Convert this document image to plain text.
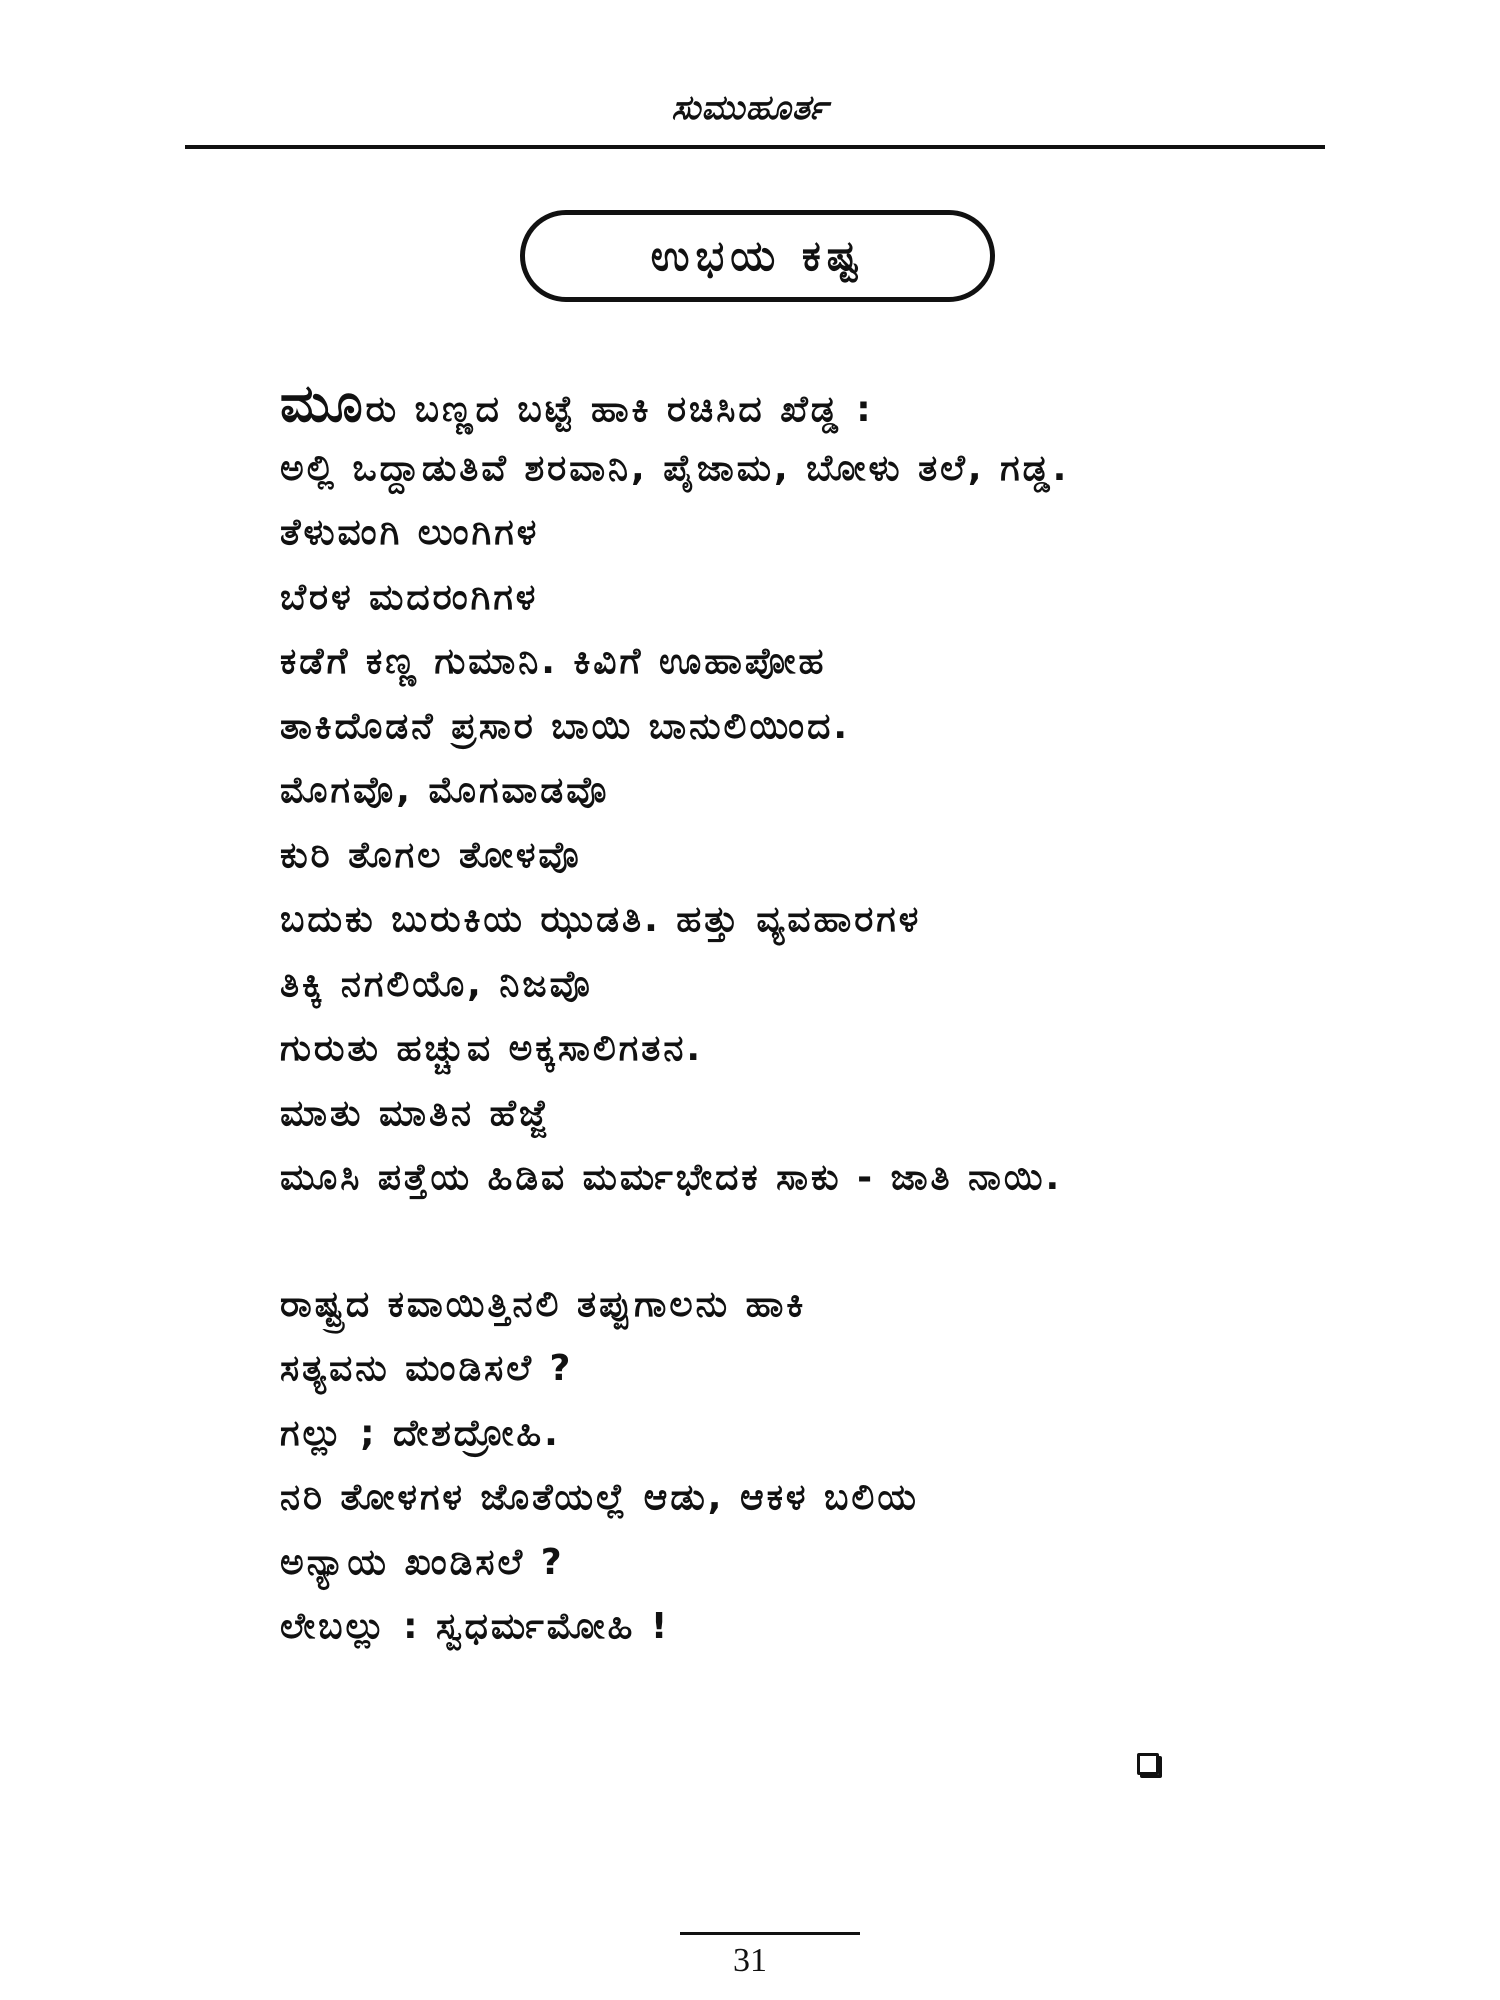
ಸುಮುಹೂರ್ತ
ಉಭಯ ಕಷ್ಟ
ಮೂರು ಬಣ್ಣದ ಬಟ್ಟೆ ಹಾಕಿ ರಚಿಸಿದ ಖೆಡ್ಡ :
ಅಲ್ಲಿ ಒದ್ದಾಡುತಿವೆ ಶರವಾನಿ, ಪೈಜಾಮ, ಬೋಳು ತಲೆ, ಗಡ್ಡ.
ತೆಳುವಂಗಿ ಲುಂಗಿಗಳ
ಬೆರಳ ಮದರಂಗಿಗಳ
ಕಡೆಗೆ ಕಣ್ಣ ಗುಮಾನಿ. ಕಿವಿಗೆ ಊಹಾಪೋಹ
ತಾಕಿದೊಡನೆ ಪ್ರಸಾರ ಬಾಯಿ ಬಾನುಲಿಯಿಂದ.
ಮೊಗವೊ, ಮೊಗವಾಡವೊ
ಕುರಿ ತೊಗಲ ತೋಳವೊ
ಬದುಕು ಬುರುಕಿಯ ಝುಡತಿ. ಹತ್ತು ವ್ಯವಹಾರಗಳ
ತಿಕ್ಕಿ ನಗಲಿಯೊ, ನಿಜವೊ
ಗುರುತು ಹಚ್ಚುವ ಅಕ್ಕಸಾಲಿಗತನ.
ಮಾತು ಮಾತಿನ ಹೆಜ್ಜೆ
ಮೂಸಿ ಪತ್ತೆಯ ಹಿಡಿವ ಮರ್ಮಭೇದಕ ಸಾಕು - ಜಾತಿ ನಾಯಿ.
ರಾಷ್ಟ್ರದ ಕವಾಯಿತ್ತಿನಲಿ ತಪ್ಪುಗಾಲನು ಹಾಕಿ
ಸತ್ಯವನು ಮಂಡಿಸಲೆ ?
ಗಲ್ಲು ; ದೇಶದ್ರೋಹಿ.
ನರಿ ತೋಳಗಳ ಜೊತೆಯಲ್ಲೆ ಆಡು, ಆಕಳ ಬಲಿಯ
ಅನ್ಯಾಯ ಖಂಡಿಸಲೆ ?
ಲೇಬಲ್ಲು : ಸ್ವಧರ್ಮಮೋಹಿ !
31
